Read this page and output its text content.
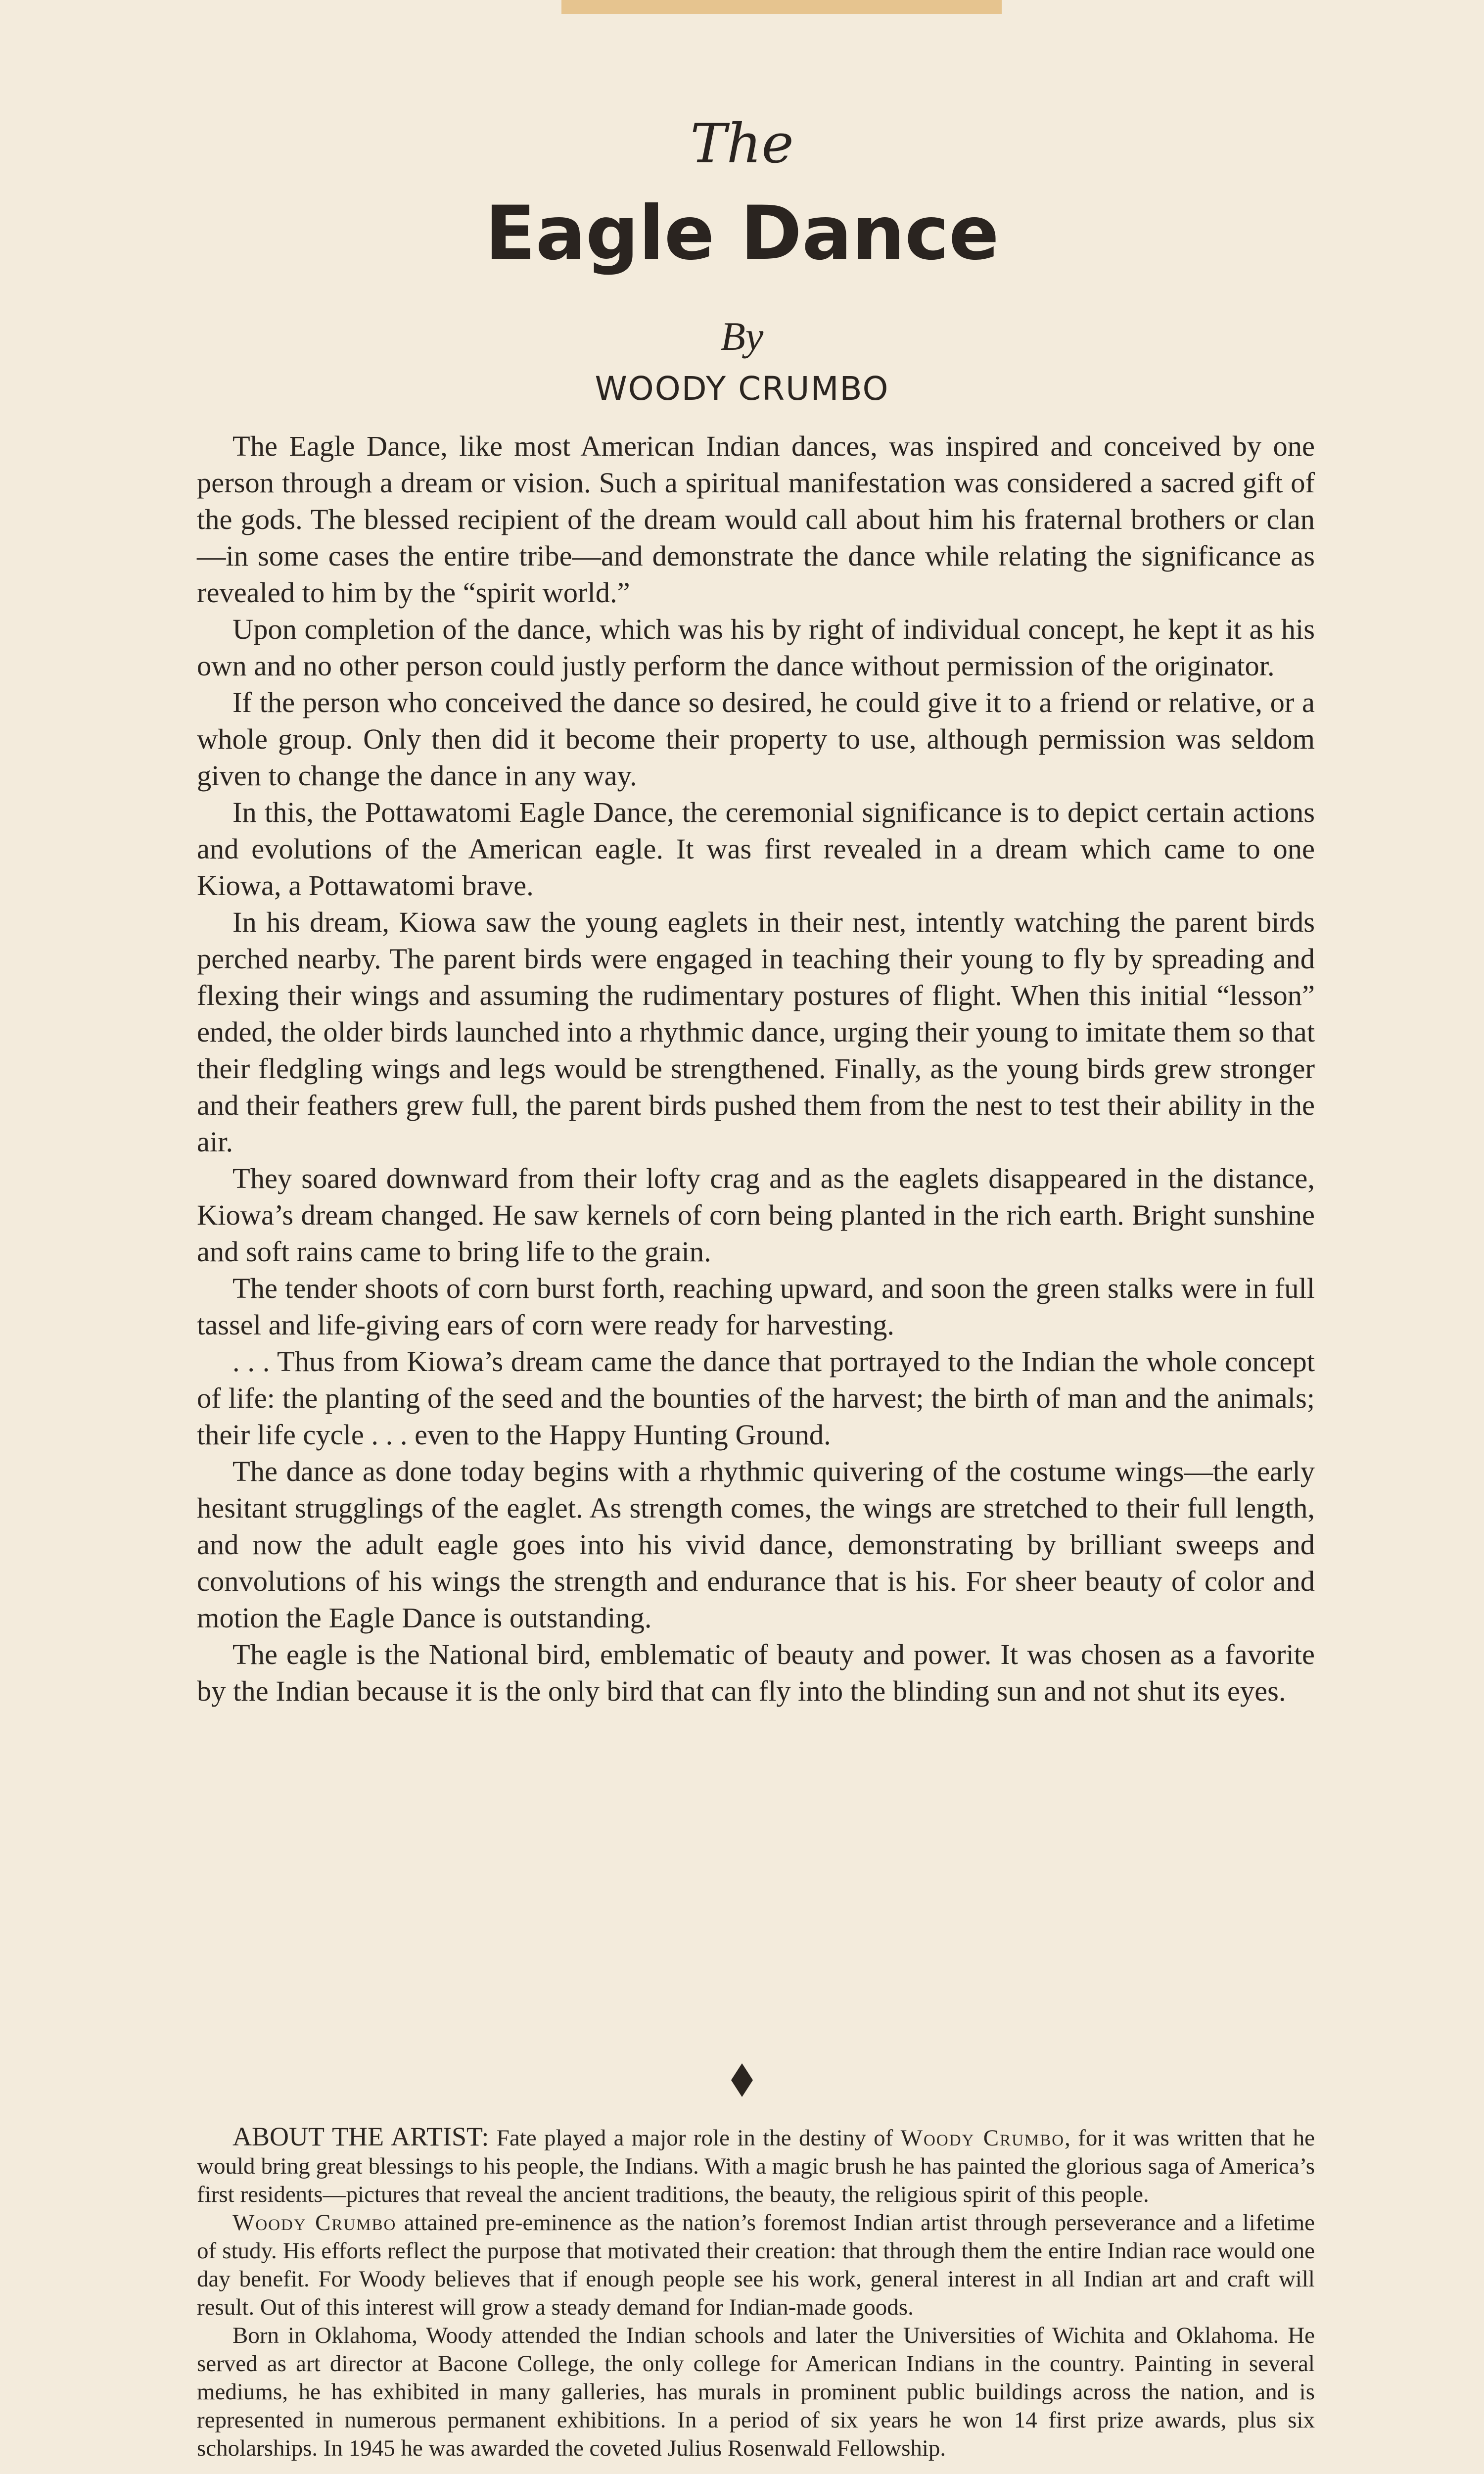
The
Eagle Dance
By
WOODY CRUMBO

The Eagle Dance, like most American Indian dances, was inspired and conceived by one person through a dream or vision. Such a spiritual manifestation was considered a sacred gift of the gods. The blessed recipient of the dream would call about him his fraternal brothers or clan—in some cases the entire tribe—and demonstrate the dance while relating the significance as revealed to him by the “spirit world.”

Upon completion of the dance, which was his by right of individual concept, he kept it as his own and no other person could justly perform the dance without permission of the originator.

If the person who conceived the dance so desired, he could give it to a friend or relative, or a whole group. Only then did it become their property to use, although permission was seldom given to change the dance in any way.

In this, the Pottawatomi Eagle Dance, the ceremonial significance is to depict certain actions and evolutions of the American eagle. It was first revealed in a dream which came to one Kiowa, a Pottawatomi brave.

In his dream, Kiowa saw the young eaglets in their nest, intently watching the parent birds perched nearby. The parent birds were engaged in teaching their young to fly by spreading and flexing their wings and assuming the rudimentary postures of flight. When this initial “lesson” ended, the older birds launched into a rhythmic dance, urging their young to imitate them so that their fledgling wings and legs would be strengthened. Finally, as the young birds grew stronger and their feathers grew full, the parent birds pushed them from the nest to test their ability in the air.

They soared downward from their lofty crag and as the eaglets disappeared in the distance, Kiowa’s dream changed. He saw kernels of corn being planted in the rich earth. Bright sunshine and soft rains came to bring life to the grain.

The tender shoots of corn burst forth, reaching upward, and soon the green stalks were in full tassel and life-giving ears of corn were ready for harvesting.

. . . Thus from Kiowa’s dream came the dance that portrayed to the Indian the whole concept of life: the planting of the seed and the bounties of the harvest; the birth of man and the animals; their life cycle . . . even to the Happy Hunting Ground.

The dance as done today begins with a rhythmic quivering of the costume wings—the early hesitant strugglings of the eaglet. As strength comes, the wings are stretched to their full length, and now the adult eagle goes into his vivid dance, demonstrating by brilliant sweeps and convolutions of his wings the strength and endurance that is his. For sheer beauty of color and motion the Eagle Dance is outstanding.

The eagle is the National bird, emblematic of beauty and power. It was chosen as a favorite by the Indian because it is the only bird that can fly into the blinding sun and not shut its eyes.

ABOUT THE ARTIST: Fate played a major role in the destiny of Woody Crumbo, for it was written that he would bring great blessings to his people, the Indians. With a magic brush he has painted the glorious saga of America’s first residents—pictures that reveal the ancient traditions, the beauty, the religious spirit of this people.

Woody Crumbo attained pre-eminence as the nation’s foremost Indian artist through perseverance and a lifetime of study. His efforts reflect the purpose that motivated their creation: that through them the entire Indian race would one day benefit. For Woody believes that if enough people see his work, general interest in all Indian art and craft will result. Out of this interest will grow a steady demand for Indian-made goods.

Born in Oklahoma, Woody attended the Indian schools and later the Universities of Wichita and Oklahoma. He served as art director at Bacone College, the only college for American Indians in the country. Painting in several mediums, he has exhibited in many galleries, has murals in prominent public buildings across the nation, and is represented in numerous permanent exhibitions. In a period of six years he won 14 first prize awards, plus six scholarships. In 1945 he was awarded the coveted Julius Rosenwald Fellowship.
